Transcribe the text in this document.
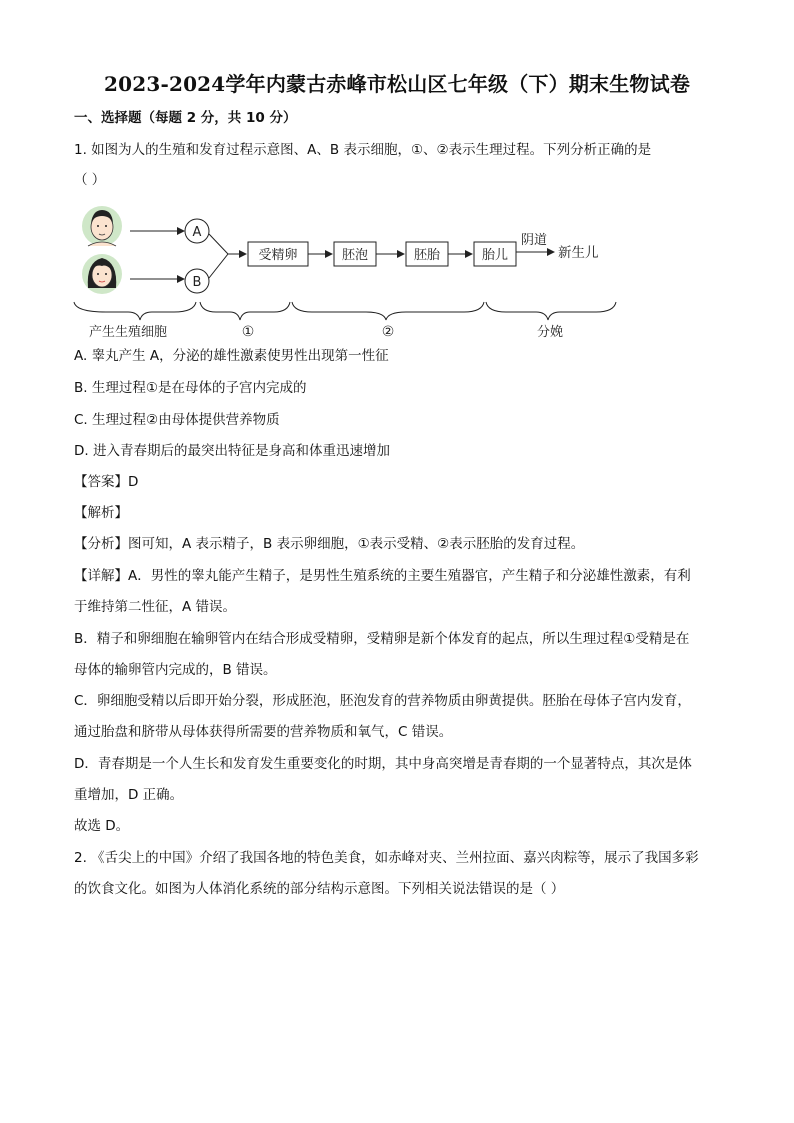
2023-2024学年内蒙古赤峰市松山区七年级（下）期末生物试卷
一、选择题（每题 2 分，共 10 分）
1. 如图为人的生殖和发育过程示意图、A、B 表示细胞，①、②表示生理过程。下列分析正确的是
（ ）
A
B
受精卵	胚泡	胚胎	胎儿
阴道
新生儿
产生生殖细胞	①	②	分娩
A. 睾丸产生 A，分泌的雄性激素使男性出现第一性征
B. 生理过程①是在母体的子宫内完成的
C. 生理过程②由母体提供营养物质
D. 进入青春期后的最突出特征是身高和体重迅速增加
【答案】D
【解析】
【分析】图可知，A 表示精子，B 表示卵细胞，①表示受精、②表示胚胎的发育过程。
【详解】A．男性的睾丸能产生精子，是男性生殖系统的主要生殖器官，产生精子和分泌雄性激素，有利
于维持第二性征，A 错误。
B．精子和卵细胞在输卵管内在结合形成受精卵，受精卵是新个体发育的起点，所以生理过程①受精是在
母体的输卵管内完成的，B 错误。
C．卵细胞受精以后即开始分裂，形成胚泡，胚泡发育的营养物质由卵黄提供。胚胎在母体子宫内发育，
通过胎盘和脐带从母体获得所需要的营养物质和氧气，C 错误。
D．青春期是一个人生长和发育发生重要变化的时期，其中身高突增是青春期的一个显著特点，其次是体
重增加，D 正确。
故选 D。
2. 《舌尖上的中国》介绍了我国各地的特色美食，如赤峰对夹、兰州拉面、嘉兴肉粽等，展示了我国多彩
的饮食文化。如图为人体消化系统的部分结构示意图。下列相关说法错误的是（ ）
